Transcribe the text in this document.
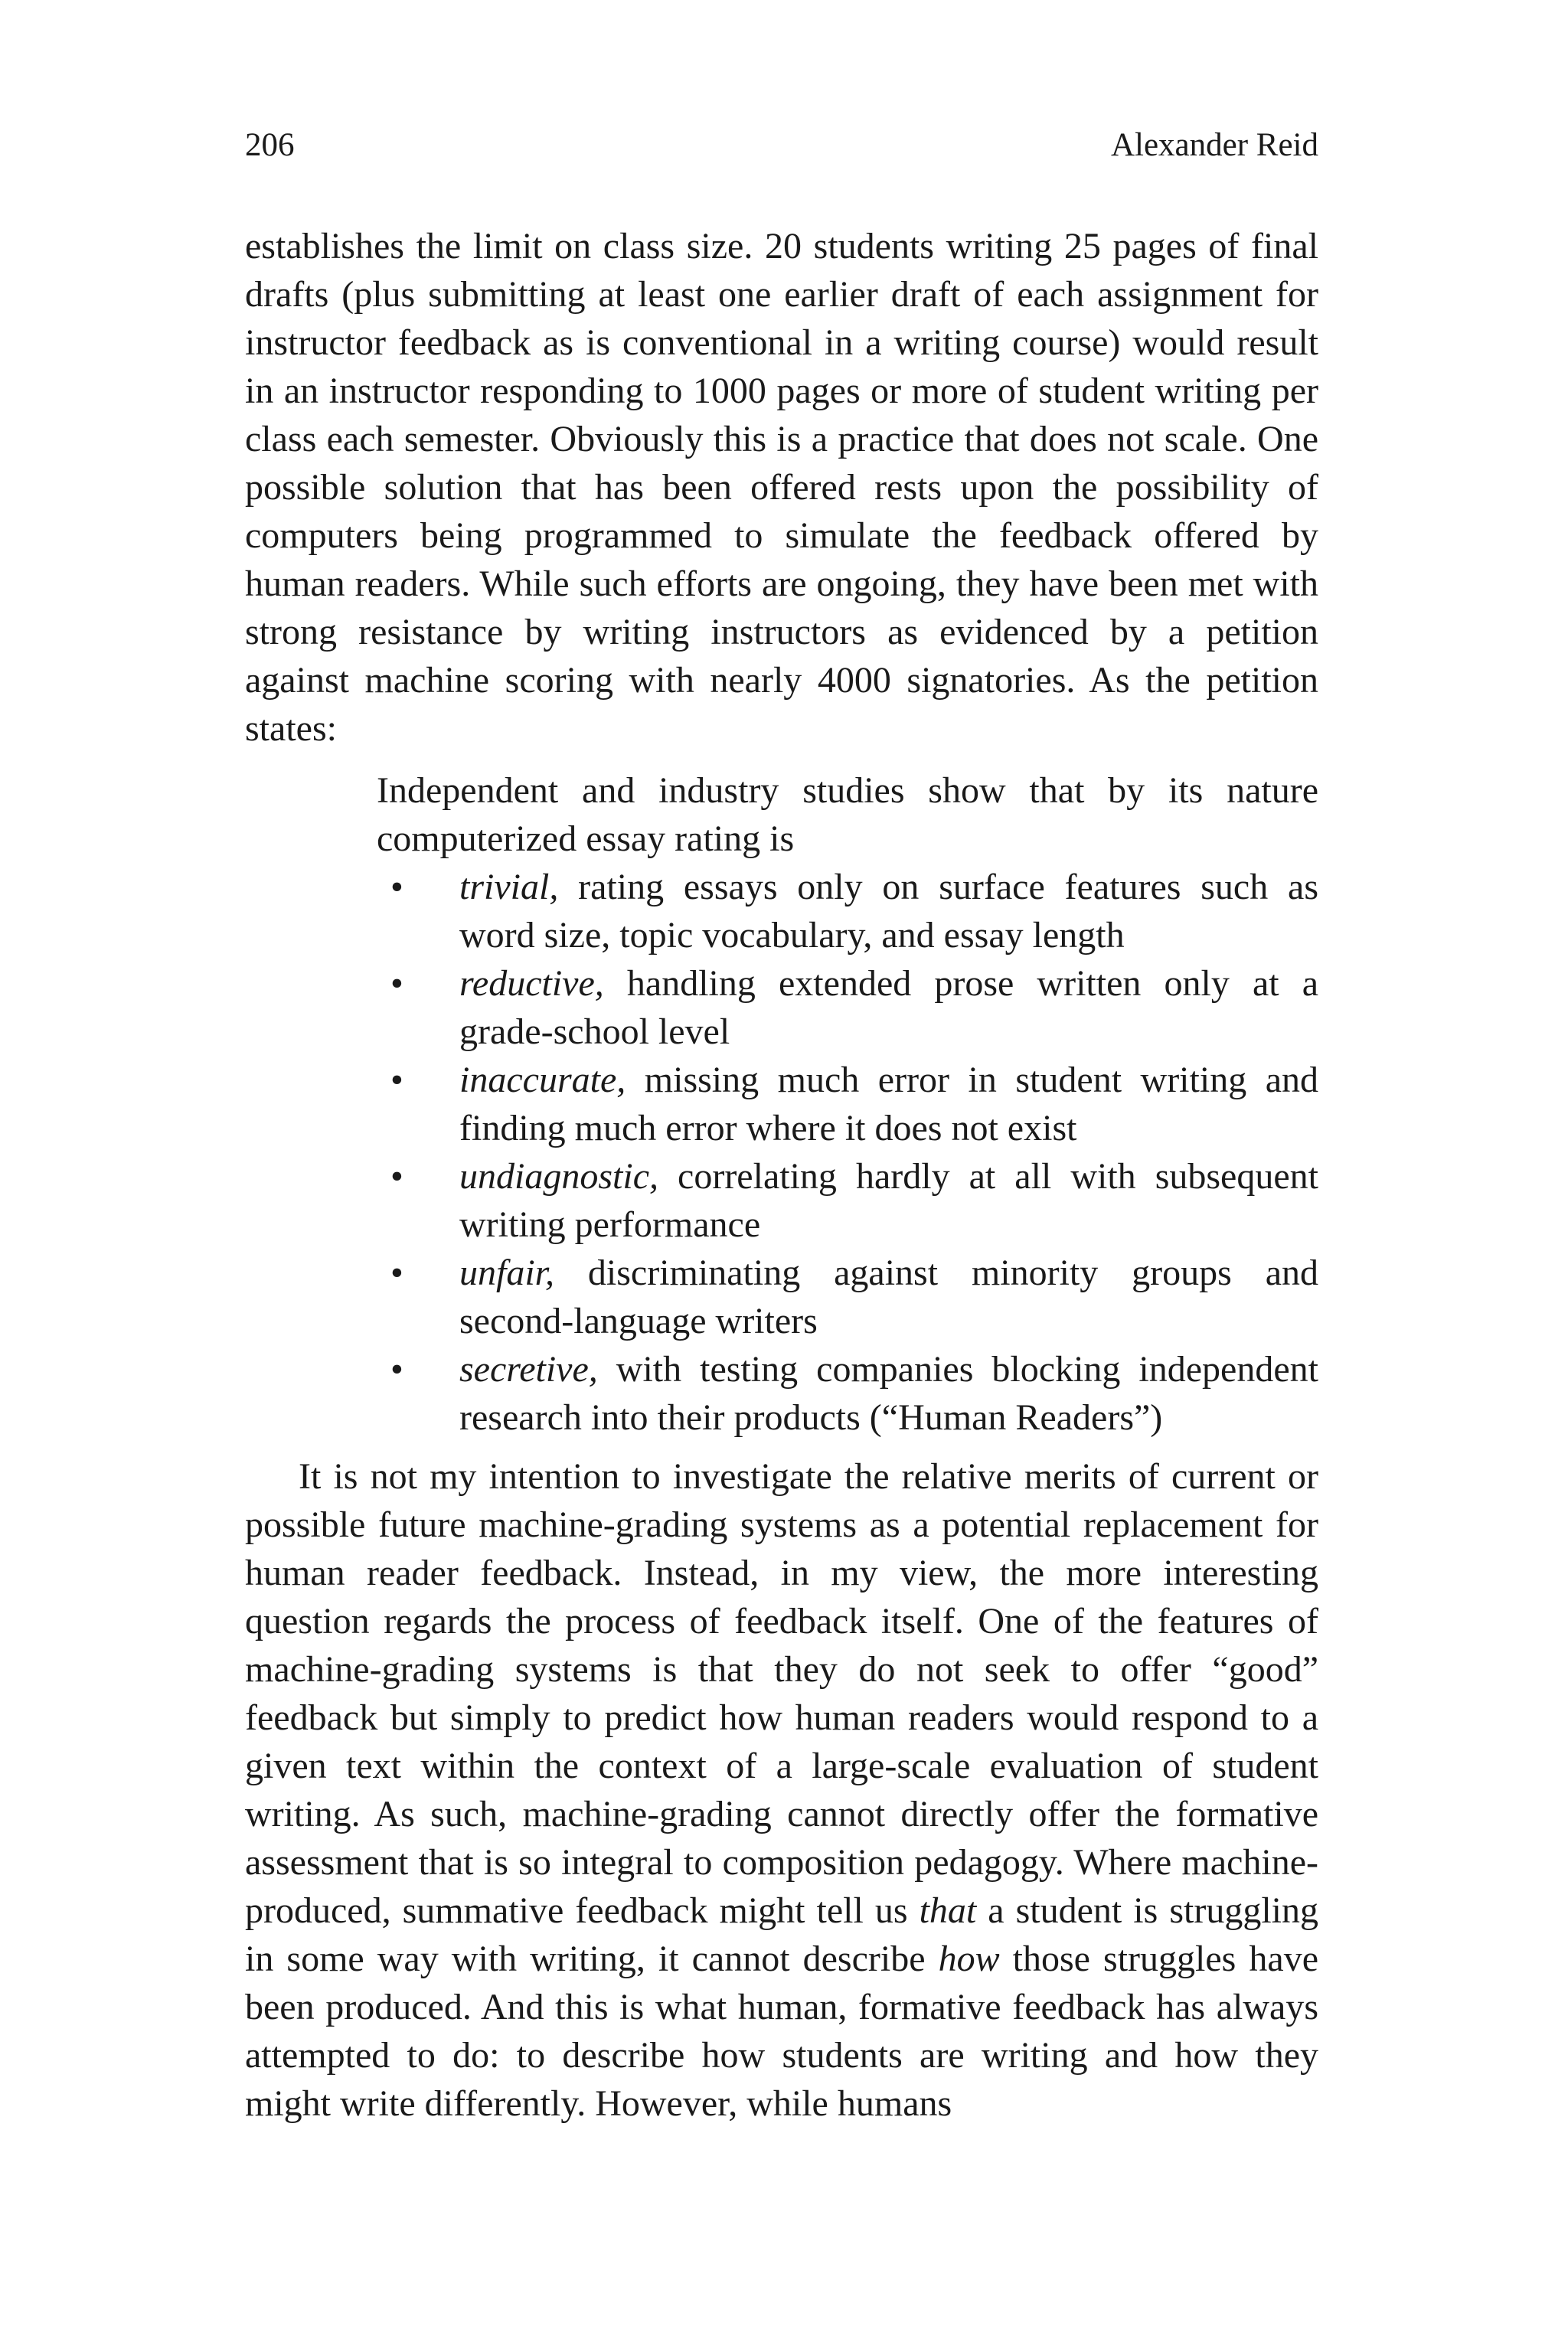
206	Alexander Reid

establishes the limit on class size. 20 students writing 25 pages of final drafts (plus submitting at least one earlier draft of each assignment for instructor feedback as is conventional in a writing course) would result in an instructor responding to 1000 pages or more of student writing per class each semester. Obviously this is a practice that does not scale. One possible solution that has been offered rests upon the possibility of computers being programmed to simulate the feedback offered by human readers. While such efforts are ongoing, they have been met with strong resistance by writing instructors as evidenced by a petition against machine scoring with nearly 4000 signatories. As the petition states:

Independent and industry studies show that by its nature computerized essay rating is

• trivial, rating essays only on surface features such as word size, topic vocabulary, and essay length
• reductive, handling extended prose written only at a grade-school level
• inaccurate, missing much error in student writing and finding much error where it does not exist
• undiagnostic, correlating hardly at all with subsequent writing performance
• unfair, discriminating against minority groups and second-language writers
• secretive, with testing companies blocking independent research into their products (“Human Readers”)

It is not my intention to investigate the relative merits of current or possible future machine-grading systems as a potential replacement for human reader feedback. Instead, in my view, the more interesting question regards the process of feedback itself. One of the features of machine-grading systems is that they do not seek to offer “good” feedback but simply to predict how human readers would respond to a given text within the context of a large-scale evaluation of student writing. As such, machine-grading cannot directly offer the formative assessment that is so integral to composition pedagogy. Where machine-produced, summative feedback might tell us that a student is struggling in some way with writing, it cannot describe how those struggles have been produced. And this is what human, formative feedback has always attempted to do: to describe how students are writing and how they might write differently. However, while humans
